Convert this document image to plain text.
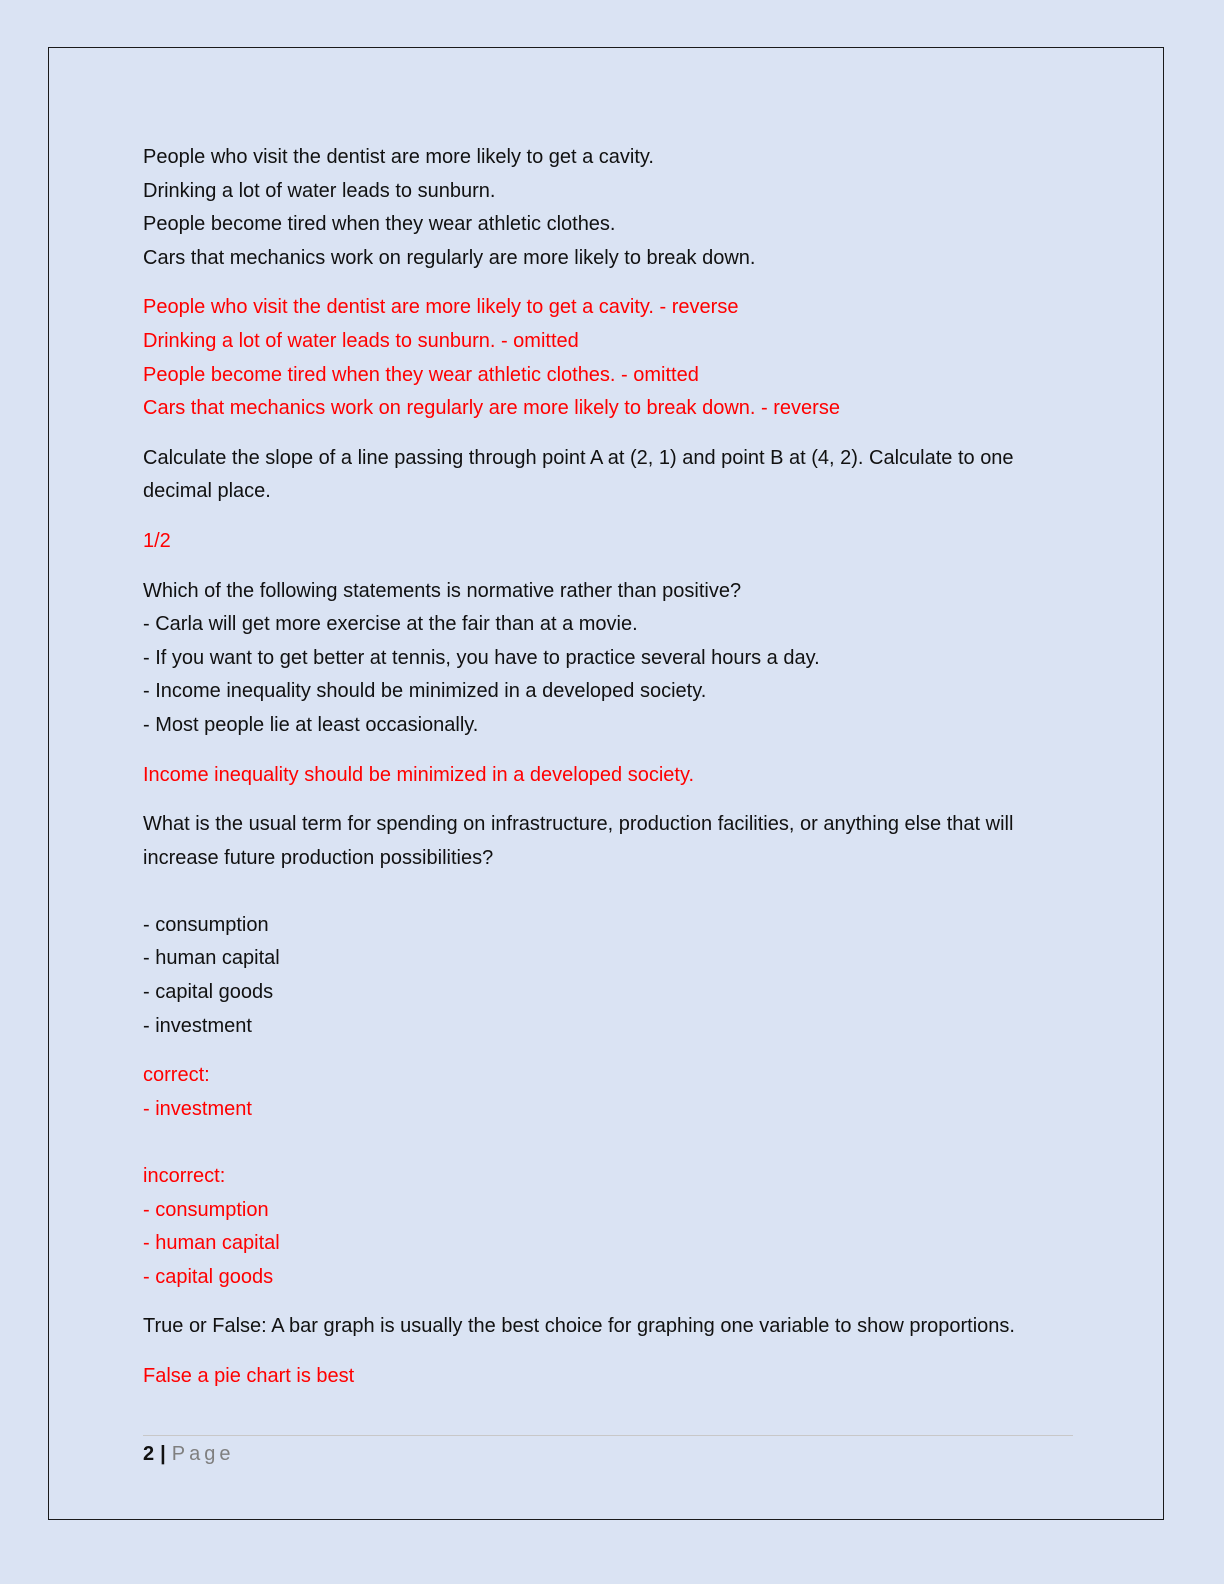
People who visit the dentist are more likely to get a cavity.
Drinking a lot of water leads to sunburn.
People become tired when they wear athletic clothes.
Cars that mechanics work on regularly are more likely to break down.
People who visit the dentist are more likely to get a cavity. - reverse
Drinking a lot of water leads to sunburn. - omitted
People become tired when they wear athletic clothes. - omitted
Cars that mechanics work on regularly are more likely to break down. - reverse
Calculate the slope of a line passing through point A at (2, 1) and point B at (4, 2). Calculate to one decimal place.
1/2
Which of the following statements is normative rather than positive?
- Carla will get more exercise at the fair than at a movie.
- If you want to get better at tennis, you have to practice several hours a day.
- Income inequality should be minimized in a developed society.
- Most people lie at least occasionally.
Income inequality should be minimized in a developed society.
What is the usual term for spending on infrastructure, production facilities, or anything else that will increase future production possibilities?
- consumption
- human capital
- capital goods
- investment
correct:
- investment
incorrect:
- consumption
- human capital
- capital goods
True or False: A bar graph is usually the best choice for graphing one variable to show proportions.
False a pie chart is best
2 | Page
